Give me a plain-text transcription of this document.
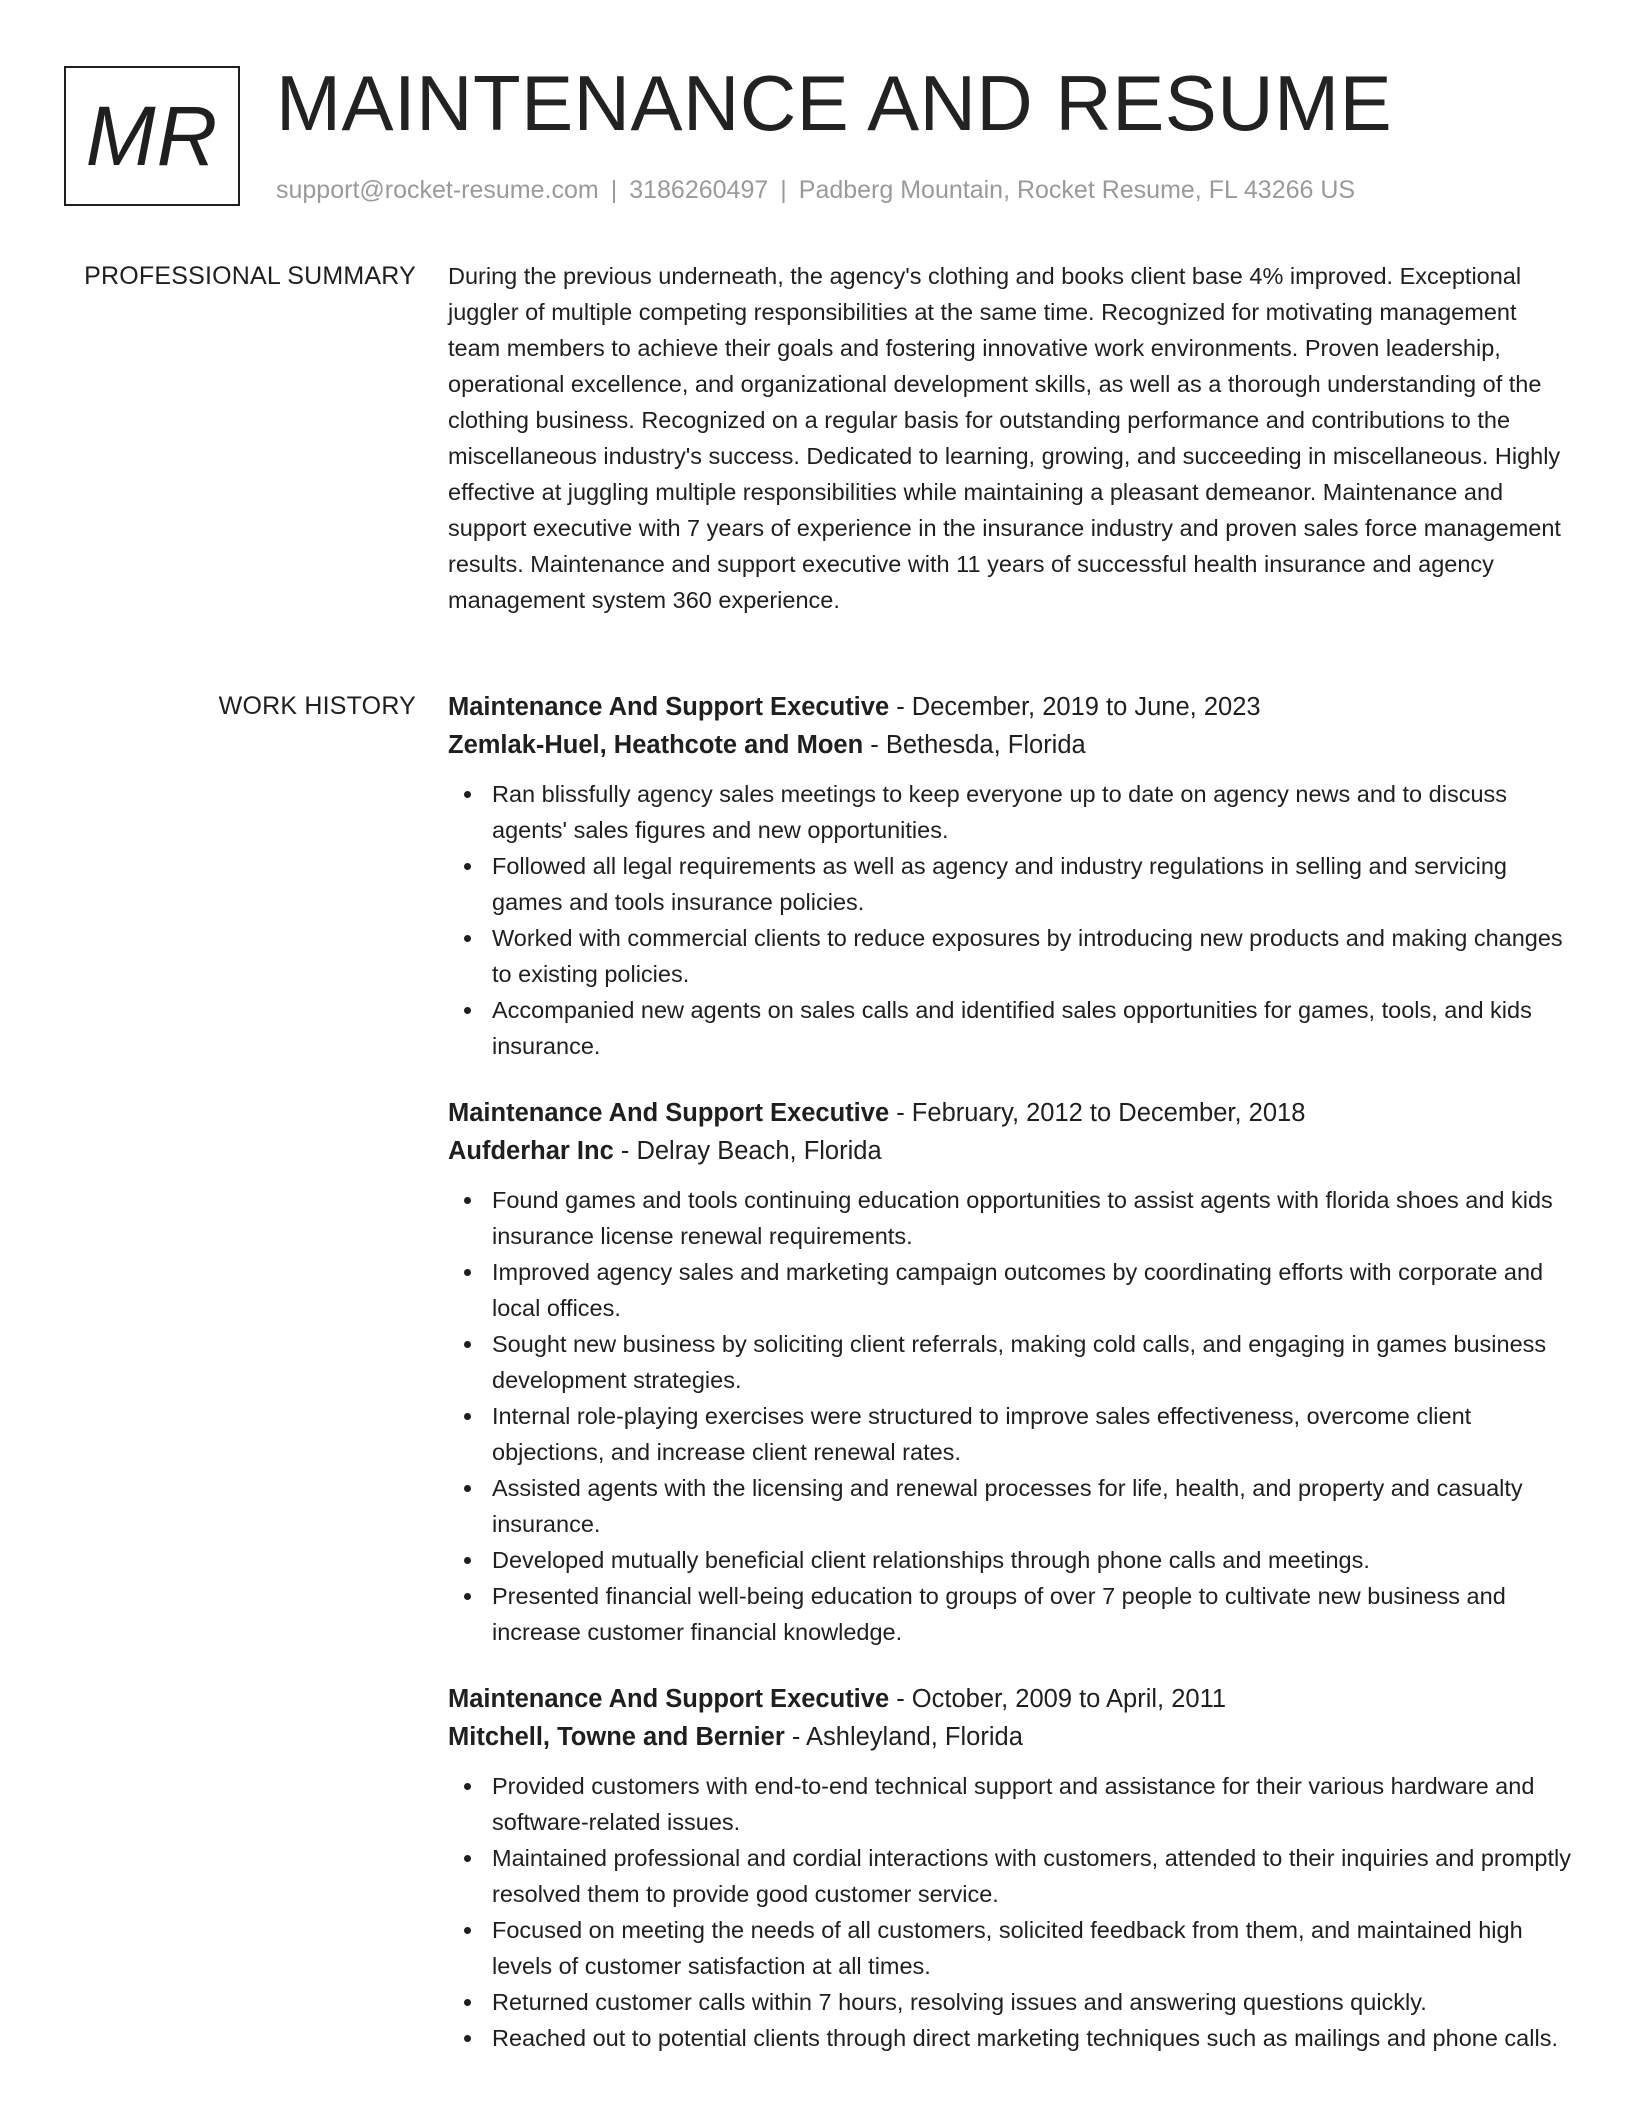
MR MAINTENANCE AND RESUME
support@rocket-resume.com | 3186260497 | Padberg Mountain, Rocket Resume, FL 43266 US
PROFESSIONAL SUMMARY During the previous underneath, the agency's clothing and books client base 4% improved. Exceptional juggler of multiple competing responsibilities at the same time. Recognized for motivating management team members to achieve their goals and fostering innovative work environments. Proven leadership, operational excellence, and organizational development skills, as well as a thorough understanding of the clothing business. Recognized on a regular basis for outstanding performance and contributions to the miscellaneous industry's success. Dedicated to learning, growing, and succeeding in miscellaneous. Highly effective at juggling multiple responsibilities while maintaining a pleasant demeanor. Maintenance and support executive with 7 years of experience in the insurance industry and proven sales force management results. Maintenance and support executive with 11 years of successful health insurance and agency management system 360 experience.

WORK HISTORY Maintenance And Support Executive - December, 2019 to June, 2023
Zemlak-Huel, Heathcote and Moen - Bethesda, Florida
Ran blissfully agency sales meetings to keep everyone up to date on agency news and to discuss agents' sales figures and new opportunities.
Followed all legal requirements as well as agency and industry regulations in selling and servicing games and tools insurance policies.
Worked with commercial clients to reduce exposures by introducing new products and making changes to existing policies.
Accompanied new agents on sales calls and identified sales opportunities for games, tools, and kids insurance.
Maintenance And Support Executive - February, 2012 to December, 2018
Aufderhar Inc - Delray Beach, Florida
Found games and tools continuing education opportunities to assist agents with florida shoes and kids insurance license renewal requirements.
Improved agency sales and marketing campaign outcomes by coordinating efforts with corporate and local offices.
Sought new business by soliciting client referrals, making cold calls, and engaging in games business development strategies.
Internal role-playing exercises were structured to improve sales effectiveness, overcome client objections, and increase client renewal rates.
Assisted agents with the licensing and renewal processes for life, health, and property and casualty insurance.
Developed mutually beneficial client relationships through phone calls and meetings.
Presented financial well-being education to groups of over 7 people to cultivate new business and increase customer financial knowledge.
Maintenance And Support Executive - October, 2009 to April, 2011
Mitchell, Towne and Bernier - Ashleyland, Florida
Provided customers with end-to-end technical support and assistance for their various hardware and software-related issues.
Maintained professional and cordial interactions with customers, attended to their inquiries and promptly resolved them to provide good customer service.
Focused on meeting the needs of all customers, solicited feedback from them, and maintained high levels of customer satisfaction at all times.
Returned customer calls within 7 hours, resolving issues and answering questions quickly.
Reached out to potential clients through direct marketing techniques such as mailings and phone calls.
